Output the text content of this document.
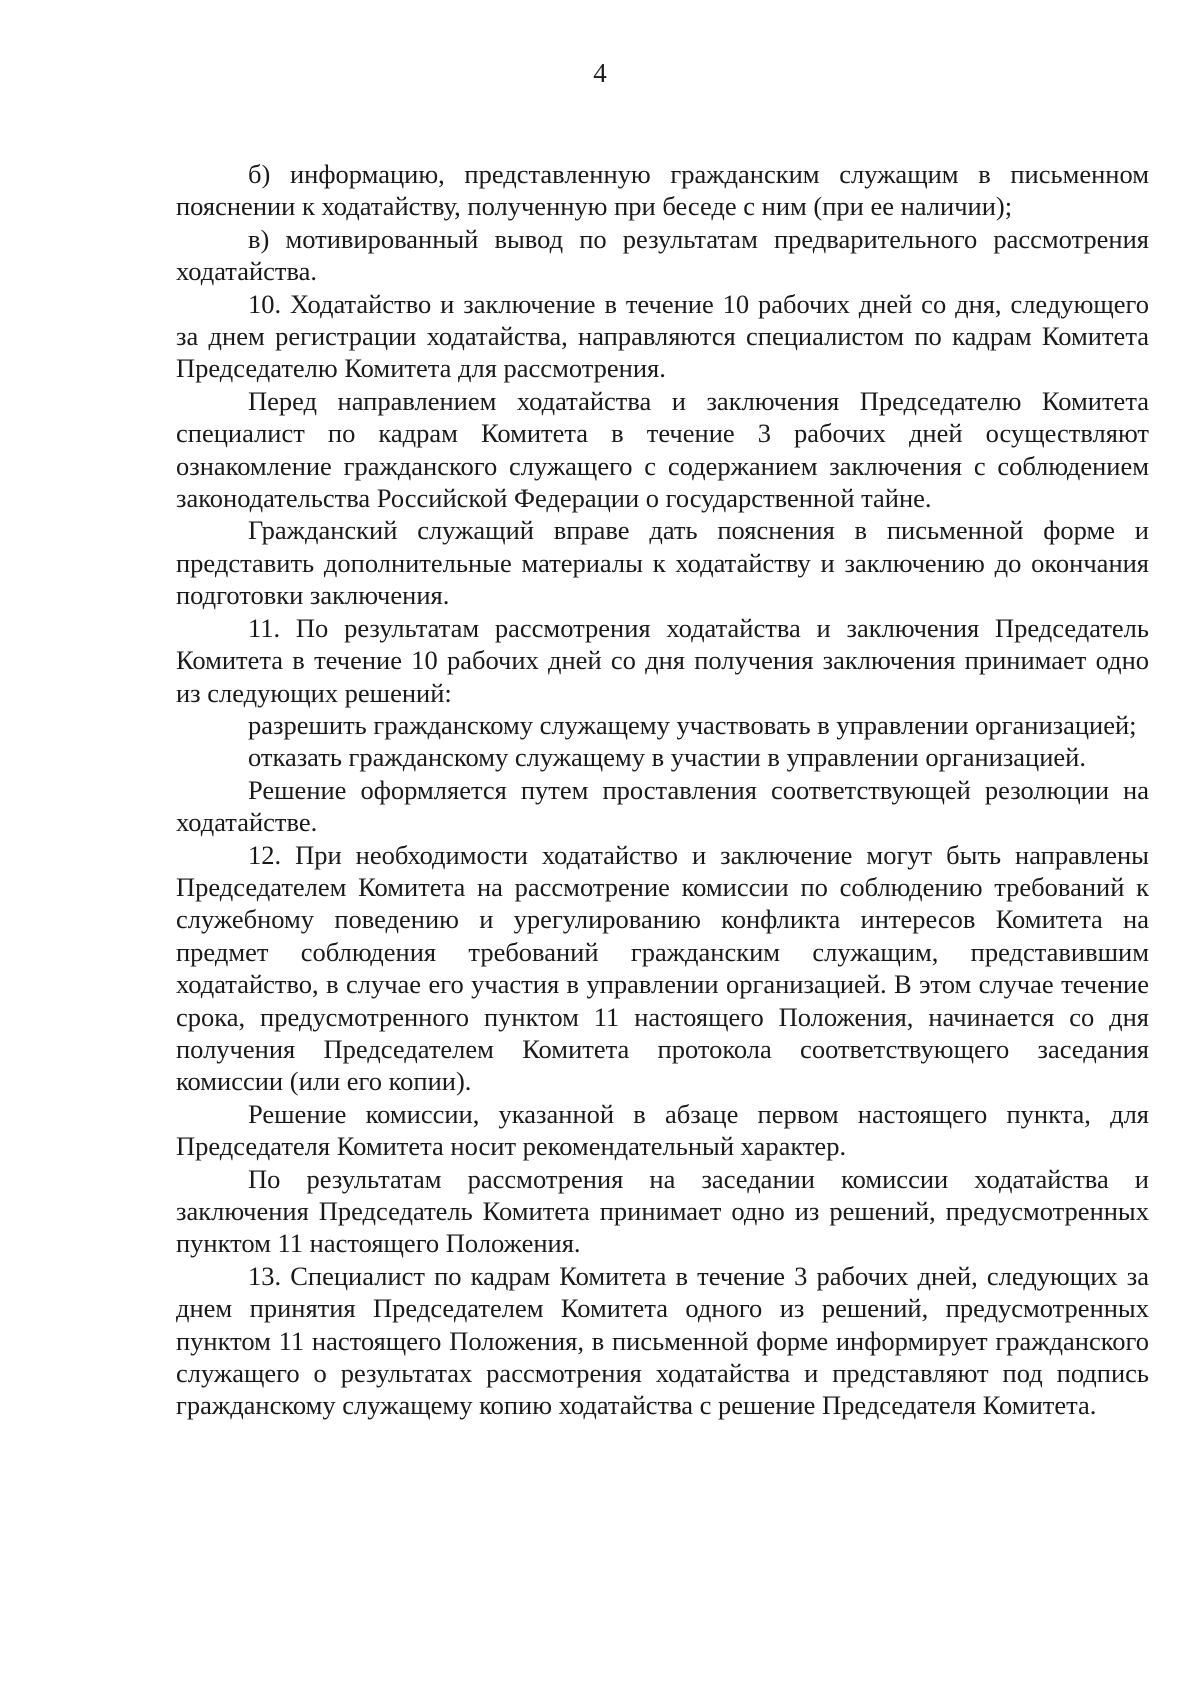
4

б) информацию, представленную гражданским служащим в письменном пояснении к ходатайству, полученную при беседе с ним (при ее наличии);

в) мотивированный вывод по результатам предварительного рассмотрения ходатайства.

10. Ходатайство и заключение в течение 10 рабочих дней со дня, следующего за днем регистрации ходатайства, направляются специалистом по кадрам Комитета Председателю Комитета для рассмотрения.

Перед направлением ходатайства и заключения Председателю Комитета специалист по кадрам Комитета в течение 3 рабочих дней осуществляют ознакомление гражданского служащего с содержанием заключения с соблюдением законодательства Российской Федерации о государственной тайне.

Гражданский служащий вправе дать пояснения в письменной форме и представить дополнительные материалы к ходатайству и заключению до окончания подготовки заключения.

11. По результатам рассмотрения ходатайства и заключения Председатель Комитета в течение 10 рабочих дней со дня получения заключения принимает одно из следующих решений:

разрешить гражданскому служащему участвовать в управлении организацией;

отказать гражданскому служащему в участии в управлении организацией.

Решение оформляется путем проставления соответствующей резолюции на ходатайстве.

12. При необходимости ходатайство и заключение могут быть направлены Председателем Комитета на рассмотрение комиссии по соблюдению требований к служебному поведению и урегулированию конфликта интересов Комитета на предмет соблюдения требований гражданским служащим, представившим ходатайство, в случае его участия в управлении организацией. В этом случае течение срока, предусмотренного пунктом 11 настоящего Положения, начинается со дня получения Председателем Комитета протокола соответствующего заседания комиссии (или его копии).

Решение комиссии, указанной в абзаце первом настоящего пункта, для Председателя Комитета носит рекомендательный характер.

По результатам рассмотрения на заседании комиссии ходатайства и заключения Председатель Комитета принимает одно из решений, предусмотренных пунктом 11 настоящего Положения.

13. Специалист по кадрам Комитета в течение 3 рабочих дней, следующих за днем принятия Председателем Комитета одного из решений, предусмотренных пунктом 11 настоящего Положения, в письменной форме информирует гражданского служащего о результатах рассмотрения ходатайства и представляют под подпись гражданскому служащему копию ходатайства с решение Председателя Комитета.
